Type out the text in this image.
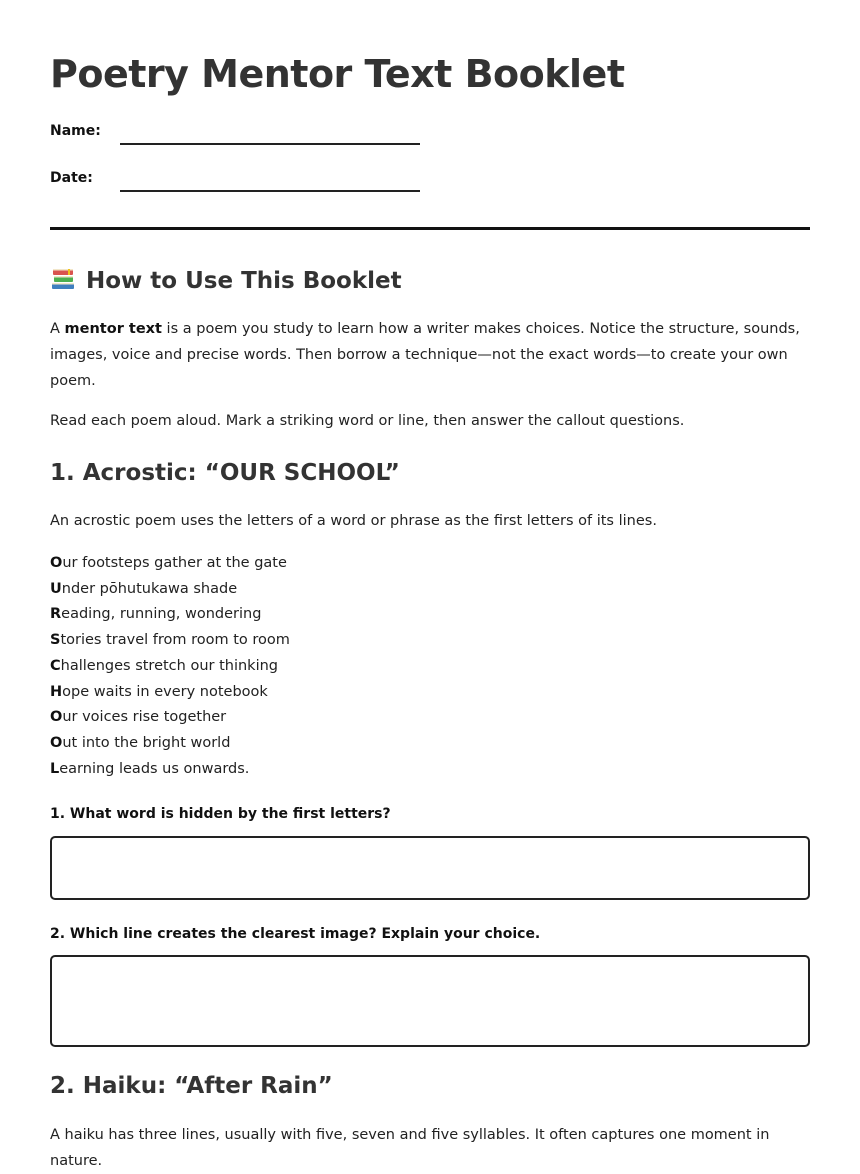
Poetry Mentor Text Booklet
Name:
Date:
How to Use This Booklet

A mentor text is a poem you study to learn how a writer makes choices. Notice the structure, sounds, images, voice and precise words. Then borrow a technique—not the exact words—to create your own poem.

Read each poem aloud. Mark a striking word or line, then answer the callout questions.

1. Acrostic: “OUR SCHOOL”

An acrostic poem uses the letters of a word or phrase as the first letters of its lines.

Our footsteps gather at the gate
Under pōhutukawa shade
Reading, running, wondering
Stories travel from room to room
Challenges stretch our thinking
Hope waits in every notebook
Our voices rise together
Out into the bright world
Learning leads us onwards.
1. What word is hidden by the first letters?
2. Which line creates the clearest image? Explain your choice.
2. Haiku: “After Rain”

A haiku has three lines, usually with five, seven and five syllables. It often captures one moment in nature.
